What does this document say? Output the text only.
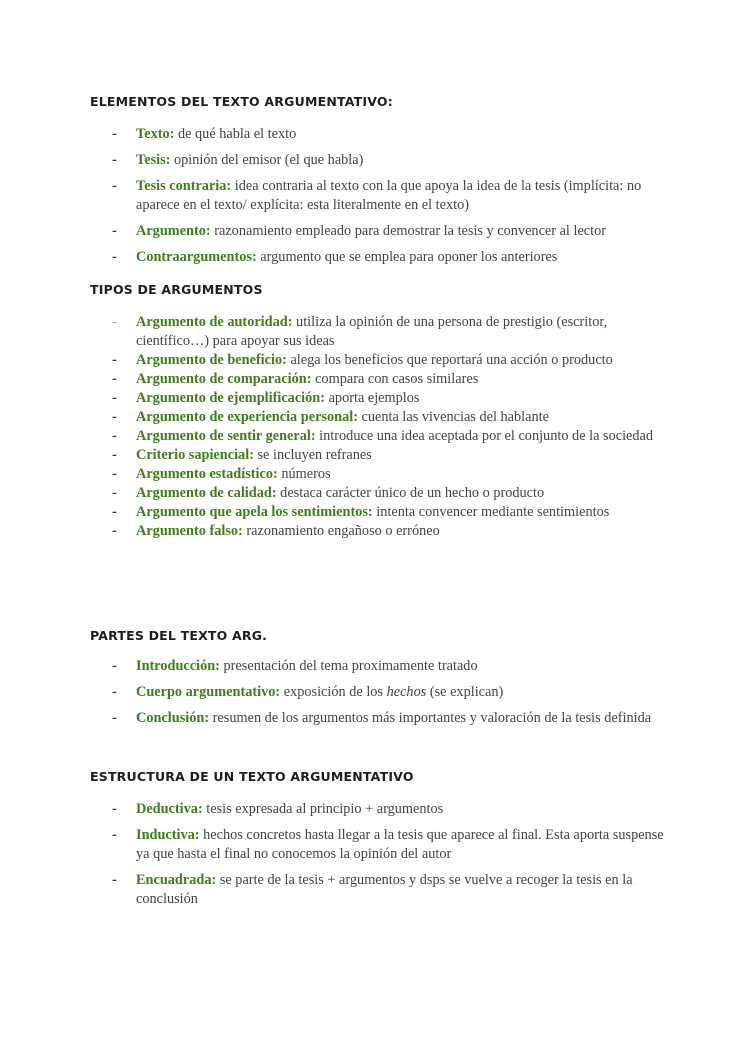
ELEMENTOS DEL TEXTO ARGUMENTATIVO:
- Texto: de qué habla el texto
- Tesis: opinión del emisor (el que habla)
- Tesis contraria: idea contraria al texto con la que apoya la idea de la tesis (implícita: no aparece en el texto/ explícita: esta literalmente en el texto)
- Argumento: razonamiento empleado para demostrar la tesis y convencer al lector
- Contraargumentos: argumento que se emplea para oponer los anteriores
TIPOS DE ARGUMENTOS
- Argumento de autoridad: utiliza la opinión de una persona de prestigio (escritor, científico…) para apoyar sus ideas
- Argumento de beneficio: alega los beneficios que reportará una acción o producto
- Argumento de comparación: compara con casos similares
- Argumento de ejemplificación: aporta ejemplos
- Argumento de experiencia personal: cuenta las vivencias del hablante
- Argumento de sentir general: introduce una idea aceptada por el conjunto de la sociedad
- Criterio sapiencial: se incluyen refranes
- Argumento estadístico: números
- Argumento de calidad: destaca carácter único de un hecho o producto
- Argumento que apela los sentimientos: intenta convencer mediante sentimientos
- Argumento falso: razonamiento engañoso o erróneo
PARTES DEL TEXTO ARG.
- Introducción: presentación del tema proximamente tratado
- Cuerpo argumentativo: exposición de los hechos (se explican)
- Conclusión: resumen de los argumentos más importantes y valoración de la tesis definida
ESTRUCTURA DE UN TEXTO ARGUMENTATIVO
- Deductiva: tesis expresada al principio + argumentos
- Inductiva: hechos concretos hasta llegar a la tesis que aparece al final. Esta aporta suspense ya que hasta el final no conocemos la opinión del autor
- Encuadrada: se parte de la tesis + argumentos y dsps se vuelve a recoger la tesis en la conclusión
